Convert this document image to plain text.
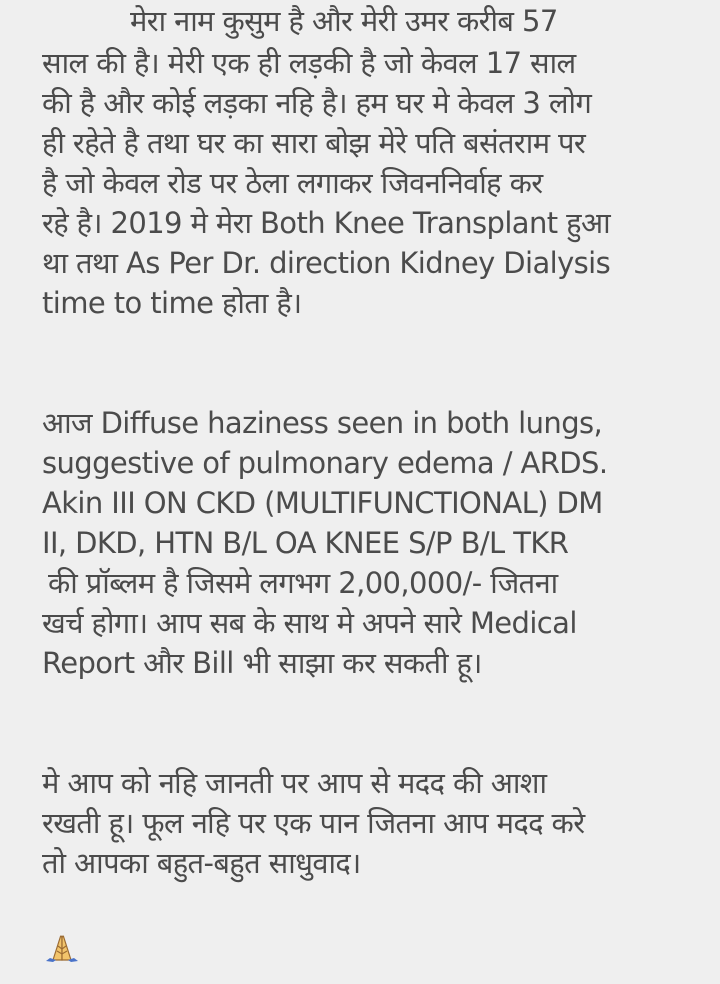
मेरा नाम कुसुम है और मेरी उमर करीब 57
साल की है। मेरी एक ही लड़की है जो केवल 17 साल
की है और कोई लड़का नहि है। हम घर मे केवल 3 लोग
ही रहेते है तथा घर का सारा बोझ मेरे पति बसंतराम पर
है जो केवल रोड पर ठेला लगाकर जिवननिर्वाह कर
रहे है। 2019 मे मेरा Both Knee Transplant हुआ
था तथा As Per Dr. direction Kidney Dialysis
time to time होता है।
आज Diffuse haziness seen in both lungs,
suggestive of pulmonary edema / ARDS.
Akin III ON CKD (MULTIFUNCTIONAL) DM
II, DKD, HTN B/L OA KNEE S/P B/L TKR
की प्रॉब्लम है जिसमे लगभग 2,00,000/- जितना
खर्च होगा। आप सब के साथ मे अपने सारे Medical
Report और Bill भी साझा कर सकती हू।
मे आप को नहि जानती पर आप से मदद की आशा
रखती हू। फूल नहि पर एक पान जितना आप मदद करे
तो आपका बहुत-बहुत साधुवाद।
